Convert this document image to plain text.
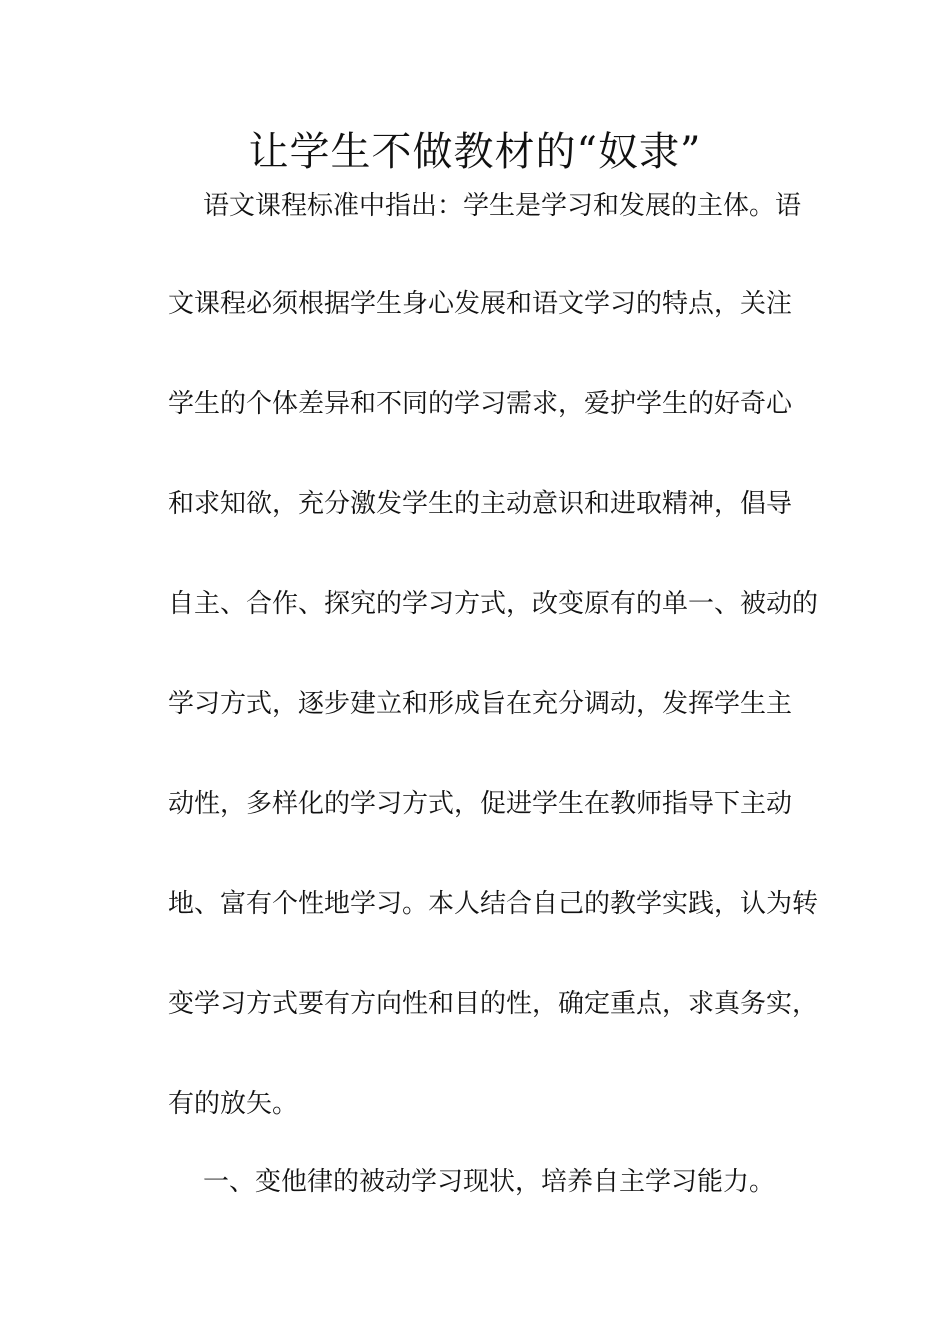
让学生不做教材的“奴隶”
语文课程标准中指出：学生是学习和发展的主体。语
文课程必须根据学生身心发展和语文学习的特点，关注
学生的个体差异和不同的学习需求，爱护学生的好奇心
和求知欲，充分激发学生的主动意识和进取精神，倡导
自主、合作、探究的学习方式，改变原有的单一、被动的
学习方式，逐步建立和形成旨在充分调动，发挥学生主
动性，多样化的学习方式，促进学生在教师指导下主动
地、富有个性地学习。本人结合自己的教学实践，认为转
变学习方式要有方向性和目的性，确定重点，求真务实，
有的放矢。
一、变他律的被动学习现状，培养自主学习能力。
